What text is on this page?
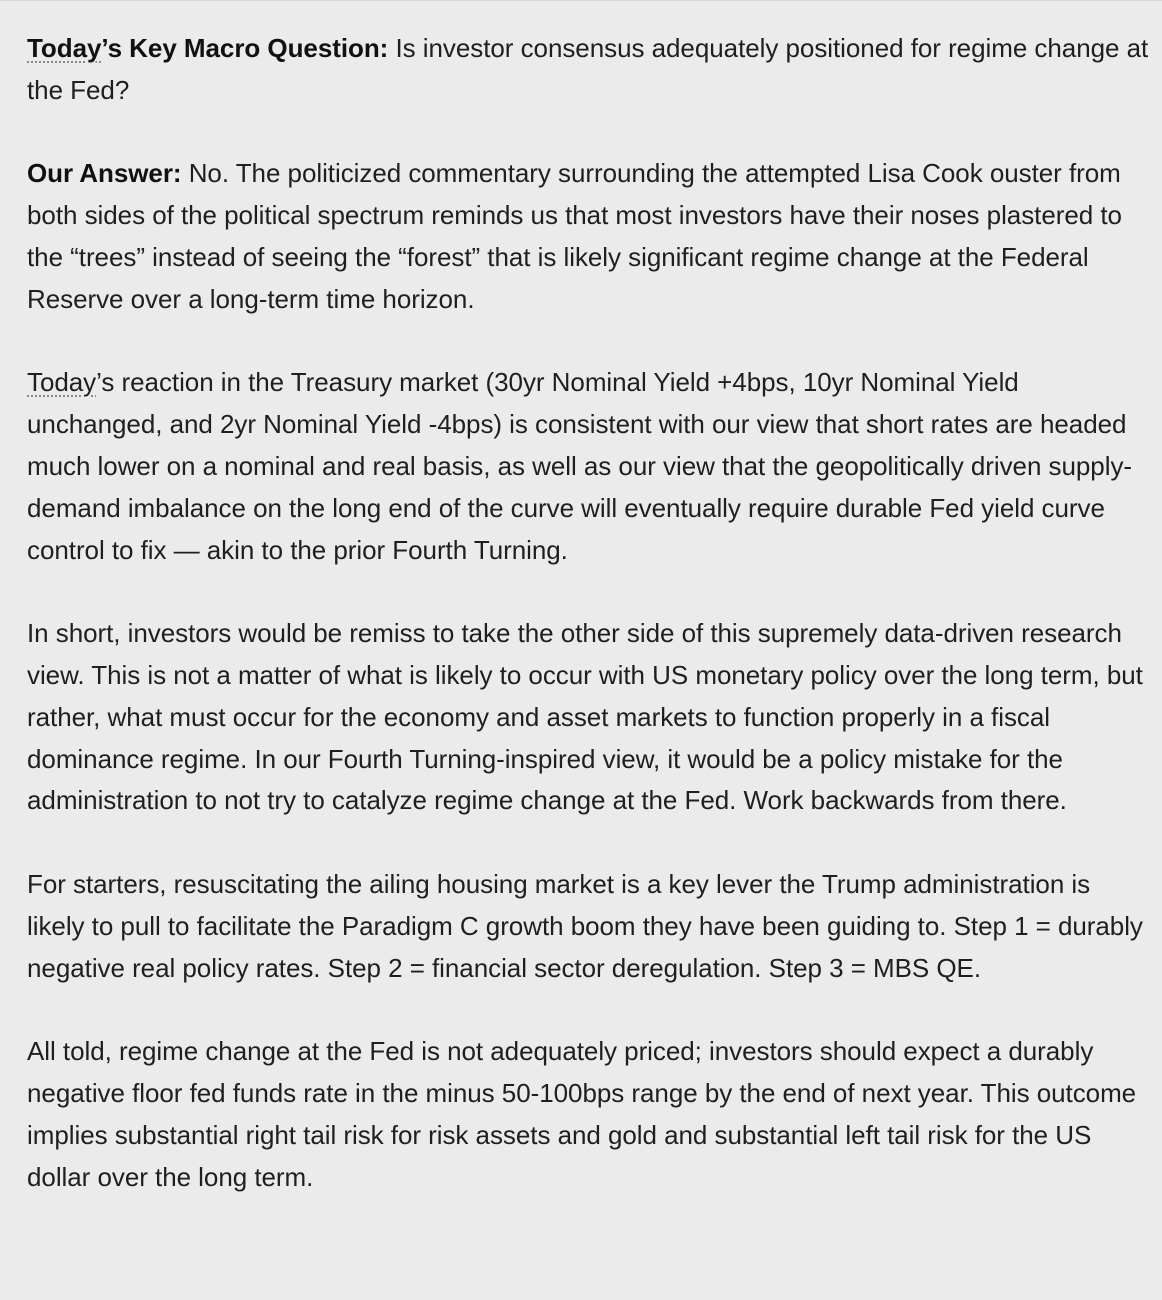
Today’s Key Macro Question: Is investor consensus adequately positioned for regime change at the Fed?

Our Answer: No. The politicized commentary surrounding the attempted Lisa Cook ouster from both sides of the political spectrum reminds us that most investors have their noses plastered to the “trees” instead of seeing the “forest” that is likely significant regime change at the Federal Reserve over a long-term time horizon.

Today’s reaction in the Treasury market (30yr Nominal Yield +4bps, 10yr Nominal Yield unchanged, and 2yr Nominal Yield -4bps) is consistent with our view that short rates are headed much lower on a nominal and real basis, as well as our view that the geopolitically driven supply-demand imbalance on the long end of the curve will eventually require durable Fed yield curve control to fix — akin to the prior Fourth Turning.

In short, investors would be remiss to take the other side of this supremely data-driven research view. This is not a matter of what is likely to occur with US monetary policy over the long term, but rather, what must occur for the economy and asset markets to function properly in a fiscal dominance regime. In our Fourth Turning-inspired view, it would be a policy mistake for the administration to not try to catalyze regime change at the Fed. Work backwards from there.

For starters, resuscitating the ailing housing market is a key lever the Trump administration is likely to pull to facilitate the Paradigm C growth boom they have been guiding to. Step 1 = durably negative real policy rates. Step 2 = financial sector deregulation. Step 3 = MBS QE.

All told, regime change at the Fed is not adequately priced; investors should expect a durably negative floor fed funds rate in the minus 50-100bps range by the end of next year. This outcome implies substantial right tail risk for risk assets and gold and substantial left tail risk for the US dollar over the long term.
